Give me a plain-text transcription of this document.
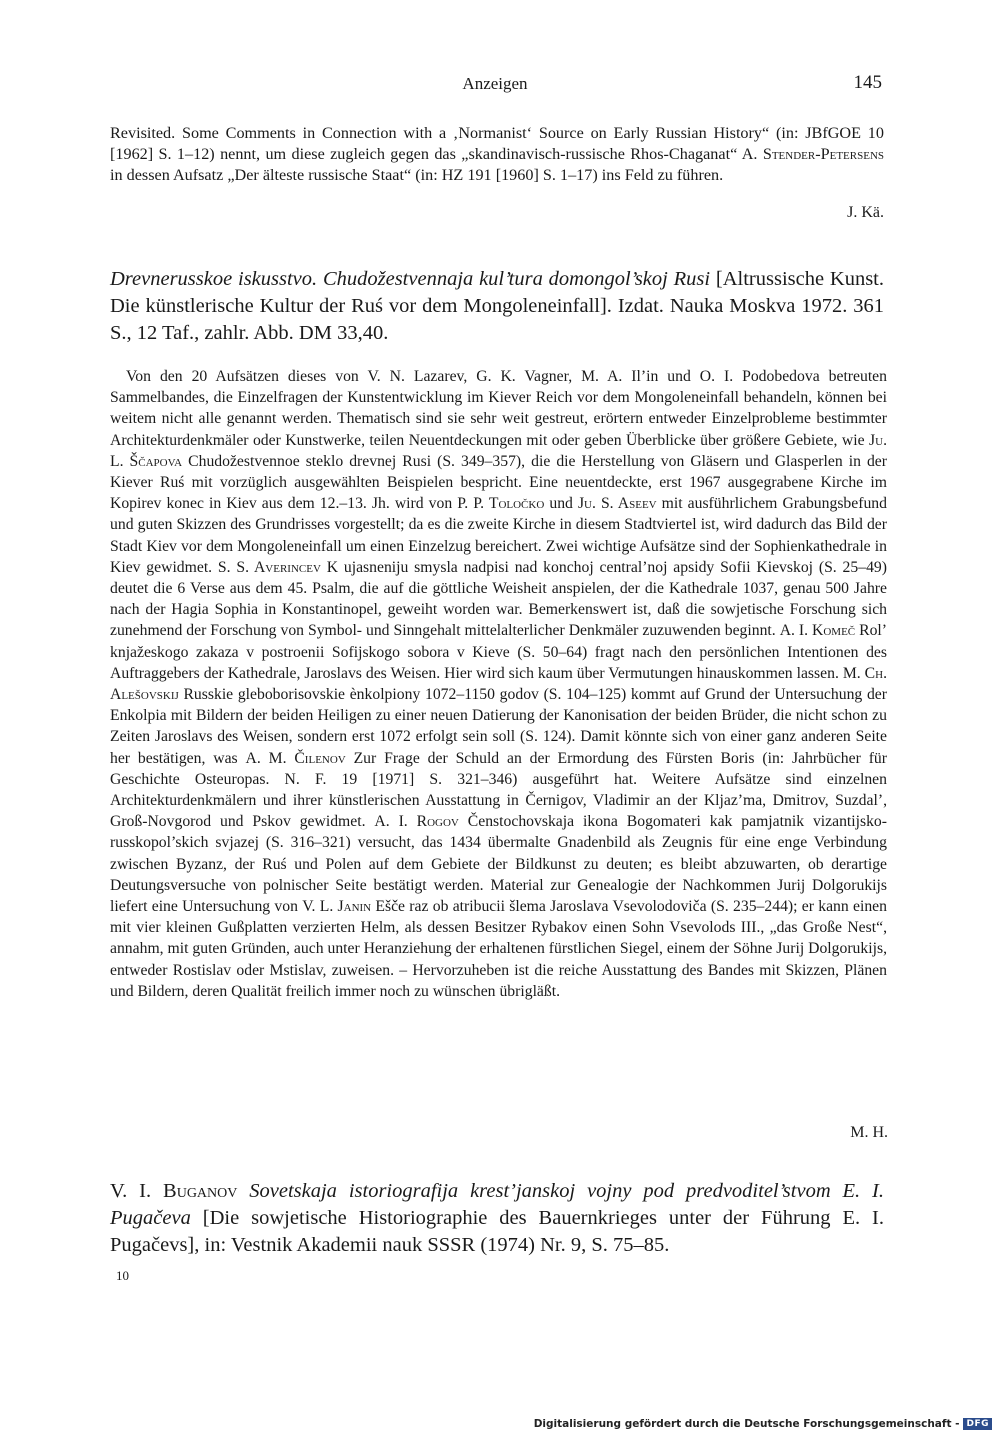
Anzeigen	145

Revisited. Some Comments in Connection with a ‚Normanist‘ Source on Early Russian History“ (in: JBfGOE 10 [1962] S. 1–12) nennt, um diese zugleich gegen das „skandinavisch-russische Rhos-Chaganat“ A. Stender-Petersens in dessen Aufsatz „Der älteste russische Staat“ (in: HZ 191 [1960] S. 1–17) ins Feld zu führen.

J. Kä.

Drevnerusskoe iskusstvo. Chudožestvennaja kul’tura domongol’skoj Rusi [Altrussische Kunst. Die künstlerische Kultur der Ruś vor dem Mongoleneinfall]. Izdat. Nauka Moskva 1972. 361 S., 12 Taf., zahlr. Abb. DM 33,40.

Von den 20 Aufsätzen dieses von V. N. Lazarev, G. K. Vagner, M. A. Il’in und O. I. Podobedova betreuten Sammelbandes, die Einzelfragen der Kunstentwicklung im Kiever Reich vor dem Mongoleneinfall behandeln, können bei weitem nicht alle genannt werden. Thematisch sind sie sehr weit gestreut, erörtern entweder Einzelprobleme bestimmter Architekturdenkmäler oder Kunstwerke, teilen Neuentdeckungen mit oder geben Überblicke über größere Gebiete, wie Ju. L. Ščapova Chudožestvennoe steklo drevnej Rusi (S. 349–357), die die Herstellung von Gläsern und Glasperlen in der Kiever Ruś mit vorzüglich ausgewählten Beispielen bespricht. Eine neuentdeckte, erst 1967 ausgegrabene Kirche im Kopirev konec in Kiev aus dem 12.–13. Jh. wird von P. P. Toločko und Ju. S. Aseev mit ausführlichem Grabungsbefund und guten Skizzen des Grundrisses vorgestellt; da es die zweite Kirche in diesem Stadtviertel ist, wird dadurch das Bild der Stadt Kiev vor dem Mongoleneinfall um einen Einzelzug bereichert. Zwei wichtige Aufsätze sind der Sophienkathedrale in Kiev gewidmet. S. S. Averincev K ujasneniju smysla nadpisi nad konchoj central’noj apsidy Sofii Kievskoj (S. 25–49) deutet die 6 Verse aus dem 45. Psalm, die auf die göttliche Weisheit anspielen, der die Kathedrale 1037, genau 500 Jahre nach der Hagia Sophia in Konstantinopel, geweiht worden war. Bemerkenswert ist, daß die sowjetische Forschung sich zunehmend der Forschung von Symbol- und Sinngehalt mittelalterlicher Denkmäler zuzuwenden beginnt. A. I. Komeč Rol’ knjažeskogo zakaza v postroenii Sofijskogo sobora v Kieve (S. 50–64) fragt nach den persönlichen Intentionen des Auftraggebers der Kathedrale, Jaroslavs des Weisen. Hier wird sich kaum über Vermutungen hinauskommen lassen. M. Ch. Alešovskij Russkie gleboborisovskie ènkolpiony 1072–1150 godov (S. 104–125) kommt auf Grund der Untersuchung der Enkolpia mit Bildern der beiden Heiligen zu einer neuen Datierung der Kanonisation der beiden Brüder, die nicht schon zu Zeiten Jaroslavs des Weisen, sondern erst 1072 erfolgt sein soll (S. 124). Damit könnte sich von einer ganz anderen Seite her bestätigen, was A. M. Čilenov Zur Frage der Schuld an der Ermordung des Fürsten Boris (in: Jahrbücher für Geschichte Osteuropas. N. F. 19 [1971] S. 321–346) ausgeführt hat. Weitere Aufsätze sind einzelnen Architekturdenkmälern und ihrer künstlerischen Ausstattung in Černigov, Vladimir an der Kljaz’ma, Dmitrov, Suzdal’, Groß-Novgorod und Pskov gewidmet. A. I. Rogov Čenstochovskaja ikona Bogomateri kak pamjatnik vizantijsko-russkopol’skich svjazej (S. 316–321) versucht, das 1434 übermalte Gnadenbild als Zeugnis für eine enge Verbindung zwischen Byzanz, der Ruś und Polen auf dem Gebiete der Bildkunst zu deuten; es bleibt abzuwarten, ob derartige Deutungsversuche von polnischer Seite bestätigt werden. Material zur Genealogie der Nachkommen Jurij Dolgorukijs liefert eine Untersuchung von V. L. Janin Ešče raz ob atribucii šlema Jaroslava Vsevolodoviča (S. 235–244); er kann einen mit vier kleinen Gußplatten verzierten Helm, als dessen Besitzer Rybakov einen Sohn Vsevolods III., „das Große Nest“, annahm, mit guten Gründen, auch unter Heranziehung der erhaltenen fürstlichen Siegel, einem der Söhne Jurij Dolgorukijs, entweder Rostislav oder Mstislav, zuweisen. – Hervorzuheben ist die reiche Ausstattung des Bandes mit Skizzen, Plänen und Bildern, deren Qualität freilich immer noch zu wünschen übrigläßt.

M. H.

V. I. Buganov Sovetskaja istoriografija krest’janskoj vojny pod predvoditel’stvom E. I. Pugačeva [Die sowjetische Historiographie des Bauernkrieges unter der Führung E. I. Pugačevs], in: Vestnik Akademii nauk SSSR (1974) Nr. 9, S. 75–85.

10
Digitalisierung gefördert durch die Deutsche Forschungsgemeinschaft - DFG
